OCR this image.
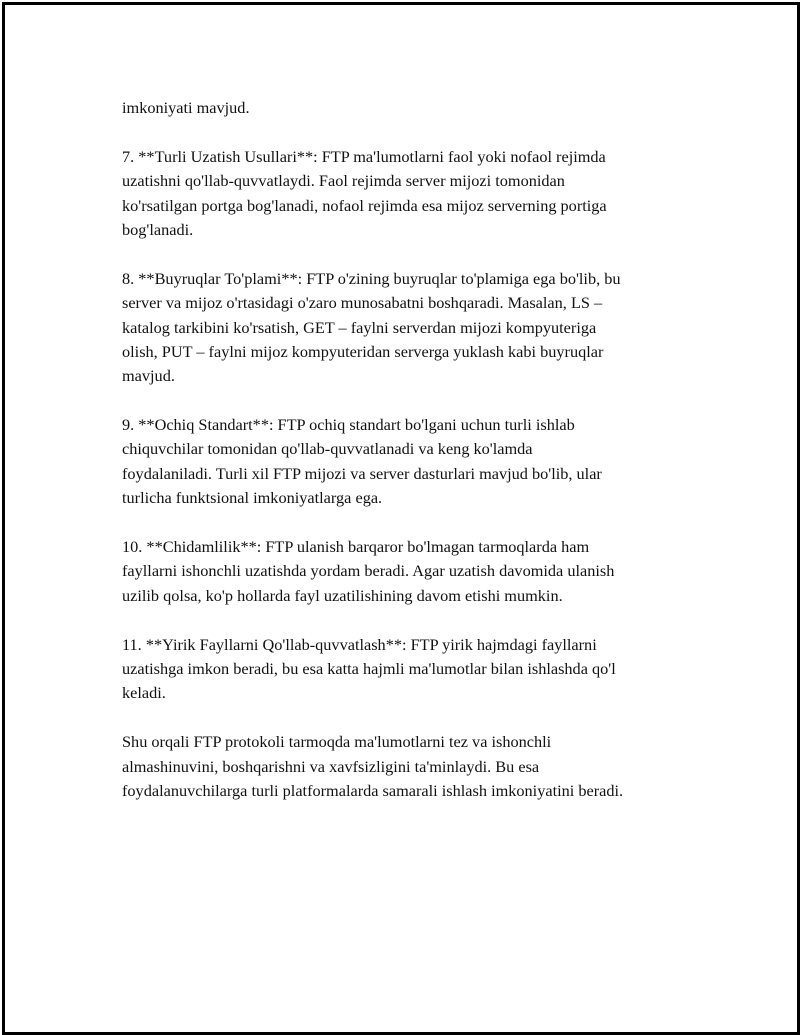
imkoniyati mavjud.

7. **Turli Uzatish Usullari**: FTP ma'lumotlarni faol yoki nofaol rejimda
uzatishni qo'llab-quvvatlaydi. Faol rejimda server mijozi tomonidan
ko'rsatilgan portga bog'lanadi, nofaol rejimda esa mijoz serverning portiga
bog'lanadi.

8. **Buyruqlar To'plami**: FTP o'zining buyruqlar to'plamiga ega bo'lib, bu
server va mijoz o'rtasidagi o'zaro munosabatni boshqaradi. Masalan, LS –
katalog tarkibini ko'rsatish, GET – faylni serverdan mijozi kompyuteriga
olish, PUT – faylni mijoz kompyuteridan serverga yuklash kabi buyruqlar
mavjud.

9. **Ochiq Standart**: FTP ochiq standart bo'lgani uchun turli ishlab
chiquvchilar tomonidan qo'llab-quvvatlanadi va keng ko'lamda
foydalaniladi. Turli xil FTP mijozi va server dasturlari mavjud bo'lib, ular
turlicha funktsional imkoniyatlarga ega.

10. **Chidamlilik**: FTP ulanish barqaror bo'lmagan tarmoqlarda ham
fayllarni ishonchli uzatishda yordam beradi. Agar uzatish davomida ulanish
uzilib qolsa, ko'p hollarda fayl uzatilishining davom etishi mumkin.

11. **Yirik Fayllarni Qo'llab-quvvatlash**: FTP yirik hajmdagi fayllarni
uzatishga imkon beradi, bu esa katta hajmli ma'lumotlar bilan ishlashda qo'l
keladi.

Shu orqali FTP protokoli tarmoqda ma'lumotlarni tez va ishonchli
almashinuvini, boshqarishni va xavfsizligini ta'minlaydi. Bu esa
foydalanuvchilarga turli platformalarda samarali ishlash imkoniyatini beradi.
